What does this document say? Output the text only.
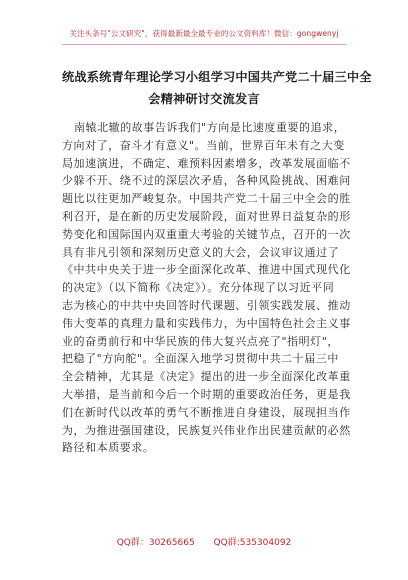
关注头条号"公文研究"，获得最新最全最专业的公文资料库！微信：gongwenyj
统战系统青年理论学习小组学习中国共产党二十届三中全
会精神研讨交流发言
南辕北辙的故事告诉我们"方向是比速度重要的追求，
方向对了，奋斗才有意义"。当前，世界百年未有之大变
局加速演进，不确定、难预料因素增多，改革发展面临不
少躲不开、绕不过的深层次矛盾，各种风险挑战、困难问
题比以往更加严峻复杂。中国共产党二十届三中全会的胜
利召开，是在新的历史发展阶段，面对世界日益复杂的形
势变化和国际国内双重重大考验的关键节点，召开的一次
具有非凡引领和深刻历史意义的大会，会议审议通过了
《中共中央关于进一步全面深化改革、推进中国式现代化
的决定》（以下简称《决定》）。充分体现了以习近平同
志为核心的中共中央回答时代课题、引领实践发展、推动
伟大变革的真理力量和实践伟力，为中国特色社会主义事
业的奋勇前行和中华民族的伟大复兴点亮了"指明灯"，
把稳了"方向舵"。全面深入地学习贯彻中共二十届三中
全会精神，尤其是《决定》提出的进一步全面深化改革重
大举措，是当前和今后一个时期的重要政治任务，更是我
们在新时代以改革的勇气不断推进自身建设，展现担当作
为，为推进强国建设，民族复兴伟业作出民建贡献的必然
路径和本质要求。
QQ群：30265665 QQ群:535304092
